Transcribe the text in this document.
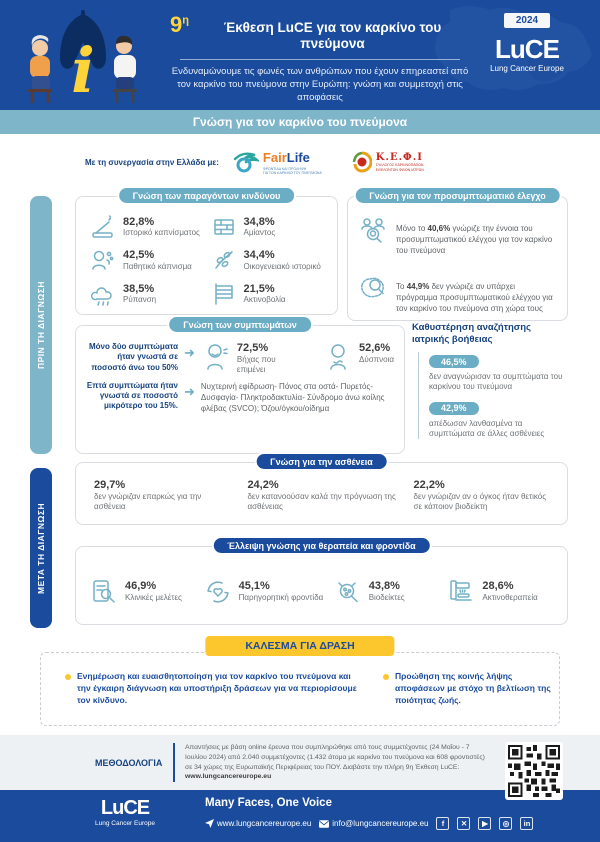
i
$9^\eta$	Έκθεση LuCE για τον καρκίνο του πνεύμονα

Ενδυναμώνουμε τις φωνές των ανθρώπων που έχουν επηρεαστεί από τον καρκίνο του πνεύμονα στην Ευρώπη: γνώση και συμμετοχή στις αποφάσεις

2024
LuCE
Lung Cancer Europe
Γνώση για τον καρκίνο του πνεύμονα
Με τη συνεργασία στην Ελλάδα με:	FairLife
ΦΡΟΝΤΙΔΑ ΚΑΙ ΠΡΟΛΗΨΗ
ΓΙΑ ΤΟΝ ΚΑΡΚΙΝΟ ΤΟΥ ΠΝΕΥΜΟΝΑ
Κ.Ε.Φ.Ι
ΣΥΛΛΟΓΟΣ ΚΑΡΚΙΝΟΠΑΘΩΝ
ΕΘΕΛΟΝΤΩΝ ΦΙΛΩΝ ΙΑΤΡΩΝ
ΠΡΙΝ ΤΗ ΔΙΑΓΝΩΣΗ
ΜΕΤΑ ΤΗ ΔΙΑΓΝΩΣΗ
Γνώση των παραγόντων κινδύνου
82,8%
Ιστορικό καπνίσματος
34,8%
Αμίαντος
42,5%
Παθητικό κάπνισμα
34,4%
Οικογενειακό ιστορικό
38,5%
Ρύπανση
21,5%
Ακτινοβολία
Γνώση για τον προσυμπτωματικό έλεγχο

Μόνο το 40,6% γνώριζε την έννοια του προσυμπτωματικού ελέγχου για τον καρκίνο του πνεύμονα

Το 44,9% δεν γνώριζε αν υπάρχει πρόγραμμα προσυμπτωματικού ελέγχου για τον καρκίνο του πνεύμονα στη χώρα τους

Γνώση των συμπτωμάτων
Μόνο δύο συμπτώματα ήταν γνωστά σε ποσοστό άνω του 50%
➜	72,5%
Βήχας που επιμένει
52,6%
Δύσπνοια
Επτά συμπτώματα ήταν γνωστά σε ποσοστό μικρότερο του 15%.
➜ Νυχτερινή εφίδρωση- Πόνος στα οστά- Πυρετός- Δυσφαγία- Πληκτροδακτυλία- Σύνδρομο άνω κοίλης φλέβας (SVCO); Όζου/όγκου/οίδημα

Καθυστέρηση αναζήτησης ιατρικής βοήθειας

46,5%

δεν αναγνώρισαν τα συμπτώματα του καρκίνου του πνεύμονα

42,9%

απέδωσαν λανθασμένα τα συμπτώματα σε άλλες ασθένειες

Γνώση για την ασθένεια
29,7%
δεν γνώριζαν επαρκώς για την ασθένεια
24,2%
δεν κατανοούσαν καλά την πρόγνωση της ασθένειας
22,2%
δεν γνώριζαν αν ο όγκος ήταν θετικός σε κάποιον βιοδείκτη
Έλλειψη γνώσης για θεραπεία και φροντίδα
46,9%
Κλινικές μελέτες
45,1%
Παρηγορητική φροντίδα
43,8%
Βιοδείκτες
28,6%
Ακτινοθεραπεία
ΚΑΛΕΣΜΑ ΓΙΑ ΔΡΑΣΗ

Ενημέρωση και ευαισθητοποίηση για τον καρκίνο του πνεύμονα και την έγκαιρη διάγνωση και υποστήριξη δράσεων για να περιορίσουμε τον κίνδυνο.

Προώθηση της κοινής λήψης αποφάσεων με στόχο τη βελτίωση της ποιότητας ζωής.

ΜΕΘΟΔΟΛΟΓΙΑ

Απαντήσεις με βάση online έρευνα που συμπληρώθηκε από τους συμμετέχοντες (24 Μαΐου - 7 Ιουλίου 2024) από 2.040 συμμετέχοντες (1.432 άτομα με καρκίνο του πνεύμονα και 608 φροντιστές) σε 34 χώρες της Ευρωπαϊκής Περιφέρειας του ΠΟΥ. Διαβάστε την πλήρη 9η Έκθεση LuCE: www.lungcancereurope.eu

LuCE
Lung Cancer Europe
Many Faces, One Voice
www.lungcancereurope.eu	info@lungcancereurope.eu	f	✕	▶	◎	in
